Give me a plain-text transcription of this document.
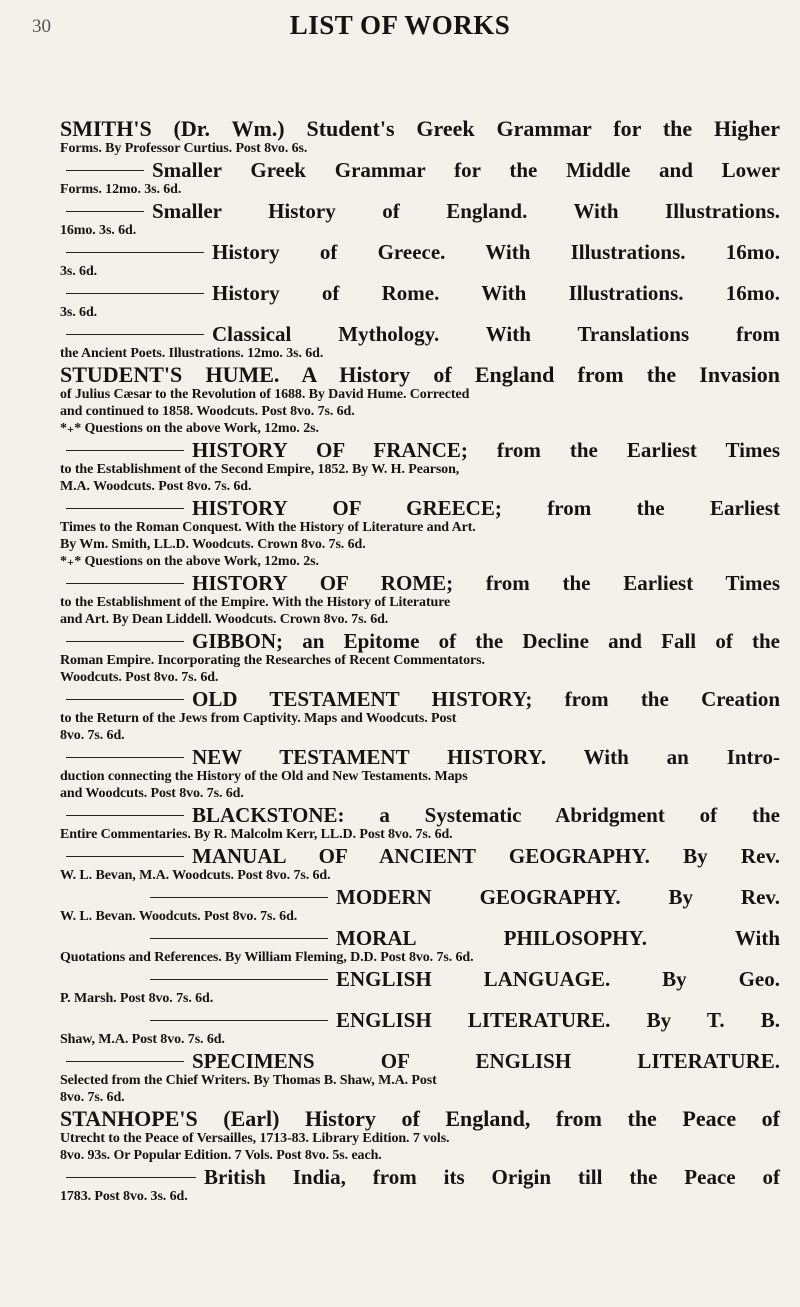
30	LIST OF WORKS
SMITH'S (Dr. Wm.) Student's Greek Grammar for the Higher
Forms. By Professor Curtius. Post 8vo. 6s.
Smaller Greek Grammar for the Middle and Lower
Forms. 12mo. 3s. 6d.
Smaller History of England. With Illustrations.
16mo. 3s. 6d.
History of Greece. With Illustrations. 16mo.
3s. 6d.
History of Rome. With Illustrations. 16mo.
3s. 6d.
Classical Mythology. With Translations from
the Ancient Poets. Illustrations. 12mo. 3s. 6d.
STUDENT'S HUME. A History of England from the Invasion
of Julius Cæsar to the Revolution of 1688. By David Hume. Corrected
and continued to 1858. Woodcuts. Post 8vo. 7s. 6d.
*₊* Questions on the above Work, 12mo. 2s.
HISTORY OF FRANCE; from the Earliest Times
to the Establishment of the Second Empire, 1852. By W. H. Pearson,
M.A. Woodcuts. Post 8vo. 7s. 6d.
HISTORY OF GREECE; from the Earliest
Times to the Roman Conquest. With the History of Literature and Art.
By Wm. Smith, LL.D. Woodcuts. Crown 8vo. 7s. 6d.
*₊* Questions on the above Work, 12mo. 2s.
HISTORY OF ROME; from the Earliest Times
to the Establishment of the Empire. With the History of Literature
and Art. By Dean Liddell. Woodcuts. Crown 8vo. 7s. 6d.
GIBBON; an Epitome of the Decline and Fall of the
Roman Empire. Incorporating the Researches of Recent Commentators.
Woodcuts. Post 8vo. 7s. 6d.
OLD TESTAMENT HISTORY; from the Creation
to the Return of the Jews from Captivity. Maps and Woodcuts. Post
8vo. 7s. 6d.
NEW TESTAMENT HISTORY. With an Intro-
duction connecting the History of the Old and New Testaments. Maps
and Woodcuts. Post 8vo. 7s. 6d.
BLACKSTONE: a Systematic Abridgment of the
Entire Commentaries. By R. Malcolm Kerr, LL.D. Post 8vo. 7s. 6d.
MANUAL OF ANCIENT GEOGRAPHY. By Rev.
W. L. Bevan, M.A. Woodcuts. Post 8vo. 7s. 6d.
MODERN GEOGRAPHY. By Rev.
W. L. Bevan. Woodcuts. Post 8vo. 7s. 6d.
MORAL PHILOSOPHY. With
Quotations and References. By William Fleming, D.D. Post 8vo. 7s. 6d.
ENGLISH LANGUAGE. By Geo.
P. Marsh. Post 8vo. 7s. 6d.
ENGLISH LITERATURE. By T. B.
Shaw, M.A. Post 8vo. 7s. 6d.
SPECIMENS OF ENGLISH LITERATURE.
Selected from the Chief Writers. By Thomas B. Shaw, M.A. Post
8vo. 7s. 6d.
STANHOPE'S (Earl) History of England, from the Peace of
Utrecht to the Peace of Versailles, 1713-83. Library Edition. 7 vols.
8vo. 93s. Or Popular Edition. 7 Vols. Post 8vo. 5s. each.
British India, from its Origin till the Peace of
1783. Post 8vo. 3s. 6d.
